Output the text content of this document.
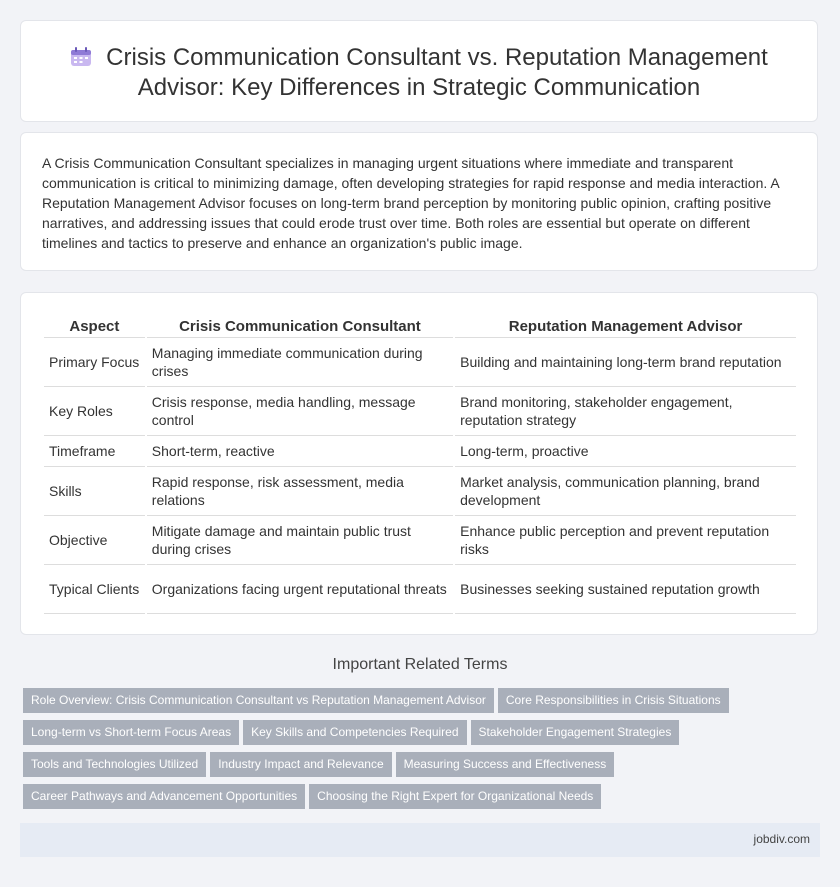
Crisis Communication Consultant vs. Reputation Management
Advisor: Key Differences in Strategic Communication
A Crisis Communication Consultant specializes in managing urgent situations where immediate and transparent communication is critical to minimizing damage, often developing strategies for rapid response and media interaction. A Reputation Management Advisor focuses on long-term brand perception by monitoring public opinion, crafting positive narratives, and addressing issues that could erode trust over time. Both roles are essential but operate on different timelines and tactics to preserve and enhance an organization's public image.
Aspect	Crisis Communication Consultant	Reputation Management Advisor
Primary Focus	Managing immediate communication during crises	Building and maintaining long-term brand reputation
Key Roles	Crisis response, media handling, message control	Brand monitoring, stakeholder engagement, reputation strategy
Timeframe	Short-term, reactive	Long-term, proactive
Skills	Rapid response, risk assessment, media relations	Market analysis, communication planning, brand development
Objective	Mitigate damage and maintain public trust during crises	Enhance public perception and prevent reputation risks
Typical Clients	Organizations facing urgent reputational threats	Businesses seeking sustained reputation growth
Important Related Terms
Role Overview: Crisis Communication Consultant vs Reputation Management Advisor Core Responsibilities in Crisis Situations
Long-term vs Short-term Focus Areas Key Skills and Competencies Required Stakeholder Engagement Strategies
Tools and Technologies Utilized Industry Impact and Relevance Measuring Success and Effectiveness
Career Pathways and Advancement Opportunities Choosing the Right Expert for Organizational Needs
jobdiv.com
